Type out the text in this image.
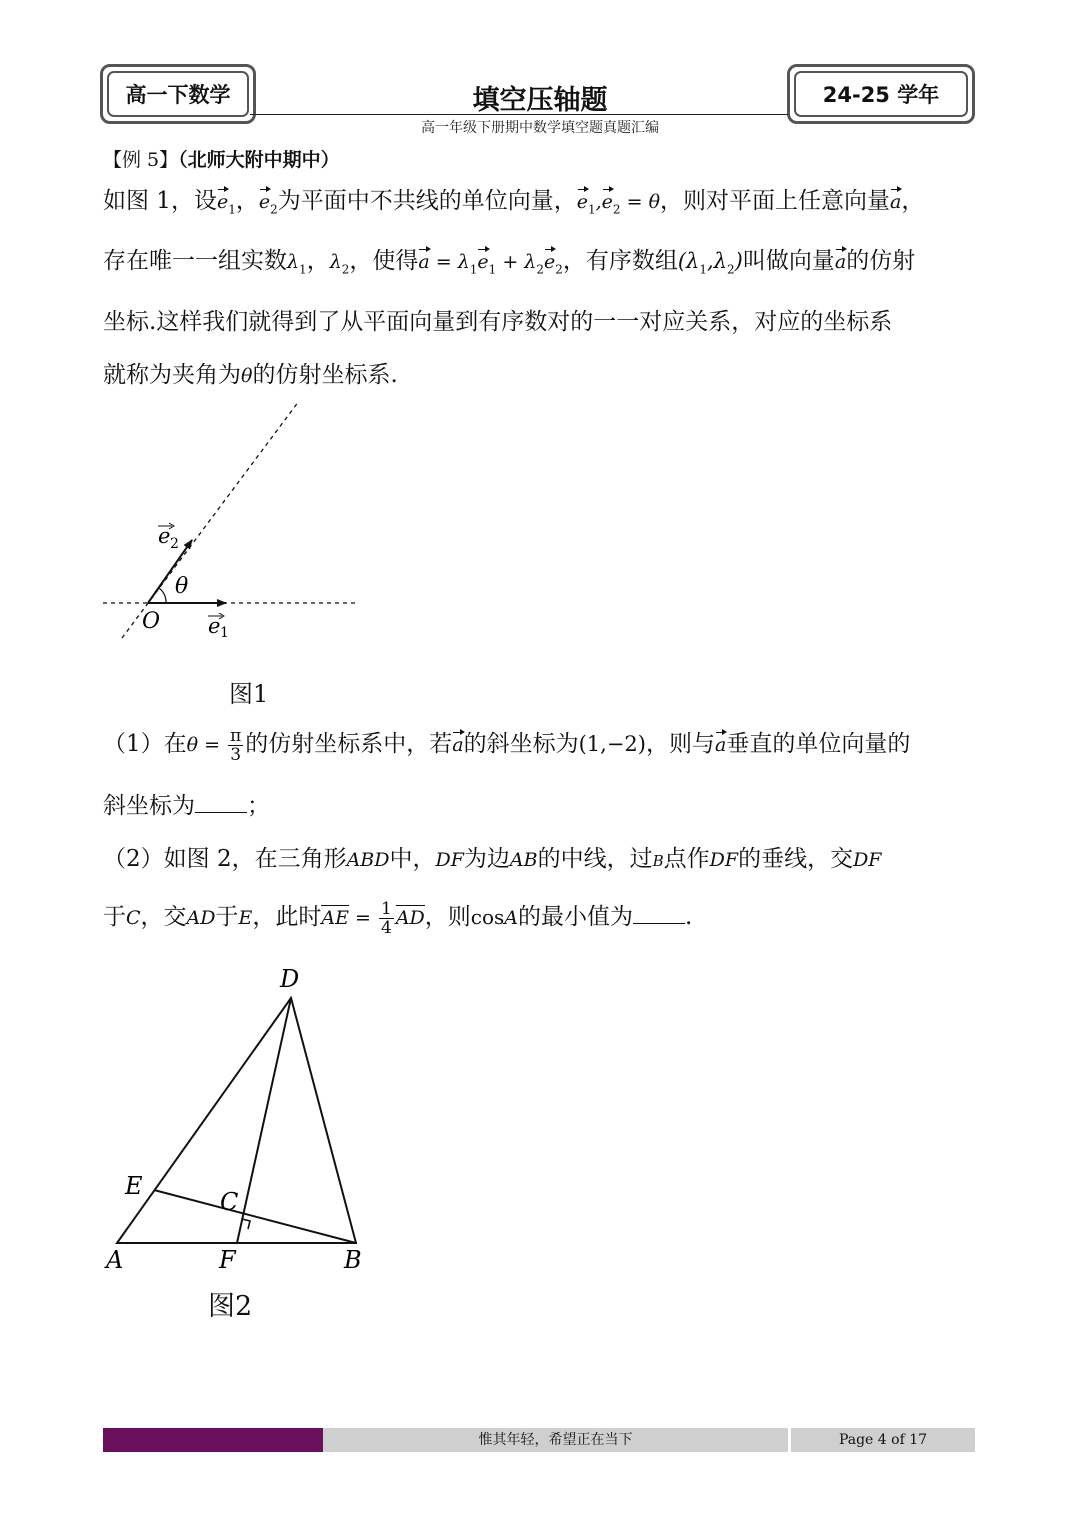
高一下数学	填空压轴题	24-25 学年
高一年级下册期中数学填空题真题汇编
【例 5】（北师大附中期中）
如图 1，设$e_1$，$e_2$为平面中不共线的单位向量，$e_1,e_2 = \theta$，则对平面上任意向量a，
存在唯一一组实数$\lambda_1$，$\lambda_2$，使得$a = \lambda_1e_1 + \lambda_2e_2$，有序数组$(\lambda_1,\lambda_2)$叫做向量a的仿射
坐标.这样我们就得到了从平面向量到有序数对的一一对应关系，对应的坐标系
就称为夹角为θ的仿射坐标系.
θ
O e 1
e 2
图1
（1）在$\theta = \frac{\pi}{3}$ 的仿射坐标系中，若a的斜坐标为(1,−2)，则与a垂直的单位向量的
斜坐标为 ；
（2）如图 2，在三角形ABD中，DF为边AB的中线，过B点作DF的垂线，交DF
于C，交AD于E，此时AE = $\frac{1}{4}$ AD，则cosA的最小值为 .
D
E
C
A	F	B
图2
惟其年轻，希望正在当下	Page 4 of 17
